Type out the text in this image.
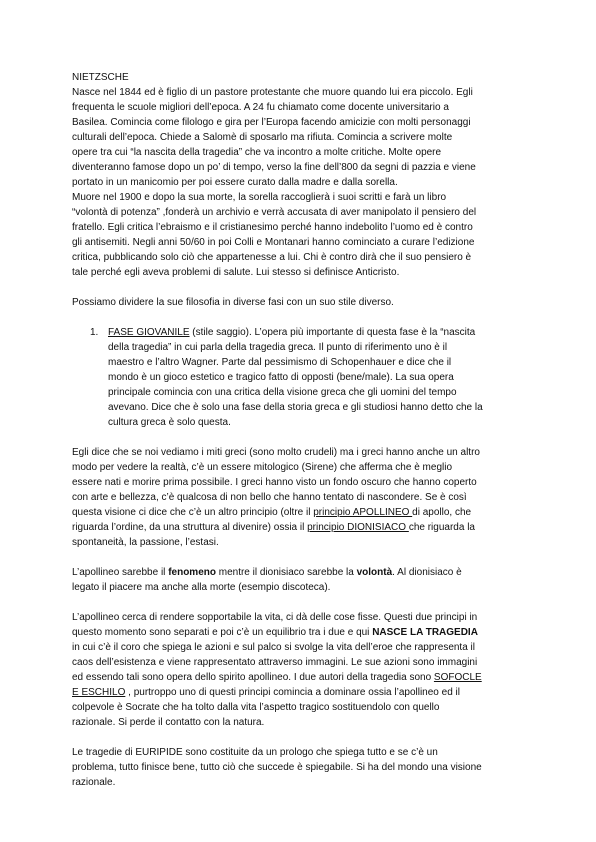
NIETZSCHE
Nasce nel 1844 ed è figlio di un pastore protestante che muore quando lui era piccolo. Egli
frequenta le scuole migliori dell’epoca. A 24 fu chiamato come docente universitario a
Basilea. Comincia come filologo e gira per l’Europa facendo amicizie con molti personaggi
culturali dell’epoca. Chiede a Salomè di sposarlo ma rifiuta. Comincia a scrivere molte
opere tra cui “la nascita della tragedia” che va incontro a molte critiche. Molte opere
diventeranno famose dopo un po’ di tempo, verso la fine dell’800 da segni di pazzia e viene
portato in un manicomio per poi essere curato dalla madre e dalla sorella.
Muore nel 1900 e dopo la sua morte, la sorella raccoglierà i suoi scritti e farà un libro
“volontà di potenza” ,fonderà un archivio e verrà accusata di aver manipolato il pensiero del
fratello. Egli critica l’ebraismo e il cristianesimo perché hanno indebolito l’uomo ed è contro
gli antisemiti. Negli anni 50/60 in poi Colli e Montanari hanno cominciato a curare l’edizione
critica, pubblicando solo ciò che appartenesse a lui. Chi è contro dirà che il suo pensiero è
tale perché egli aveva problemi di salute. Lui stesso si definisce Anticristo.
Possiamo dividere la sue filosofia in diverse fasi con un suo stile diverso.
1. FASE GIOVANILE (stile saggio). L’opera più importante di questa fase è la “nascita
della tragedia” in cui parla della tragedia greca. Il punto di riferimento uno è il
maestro e l’altro Wagner. Parte dal pessimismo di Schopenhauer e dice che il
mondo è un gioco estetico e tragico fatto di opposti (bene/male). La sua opera
principale comincia con una critica della visione greca che gli uomini del tempo
avevano. Dice che è solo una fase della storia greca e gli studiosi hanno detto che la
cultura greca è solo questa.
Egli dice che se noi vediamo i miti greci (sono molto crudeli) ma i greci hanno anche un altro
modo per vedere la realtà, c’è un essere mitologico (Sirene) che afferma che è meglio
essere nati e morire prima possibile. I greci hanno visto un fondo oscuro che hanno coperto
con arte e bellezza, c’è qualcosa di non bello che hanno tentato di nascondere. Se è così
questa visione ci dice che c’è un altro principio (oltre il principio APOLLINEO di apollo, che
riguarda l’ordine, da una struttura al divenire) ossia il principio DIONISIACO che riguarda la
spontaneità, la passione, l’estasi.
L’apollineo sarebbe il fenomeno mentre il dionisiaco sarebbe la volontà. Al dionisiaco è
legato il piacere ma anche alla morte (esempio discoteca).
L’apollineo cerca di rendere sopportabile la vita, ci dà delle cose fisse. Questi due principi in
questo momento sono separati e poi c’è un equilibrio tra i due e qui NASCE LA TRAGEDIA
in cui c’è il coro che spiega le azioni e sul palco si svolge la vita dell’eroe che rappresenta il
caos dell’esistenza e viene rappresentato attraverso immagini. Le sue azioni sono immagini
ed essendo tali sono opera dello spirito apollineo. I due autori della tragedia sono SOFOCLE
E ESCHILO , purtroppo uno di questi principi comincia a dominare ossia l’apollineo ed il
colpevole è Socrate che ha tolto dalla vita l’aspetto tragico sostituendolo con quello
razionale. Si perde il contatto con la natura.
Le tragedie di EURIPIDE sono costituite da un prologo che spiega tutto e se c’è un
problema, tutto finisce bene, tutto ciò che succede è spiegabile. Si ha del mondo una visione
razionale.
